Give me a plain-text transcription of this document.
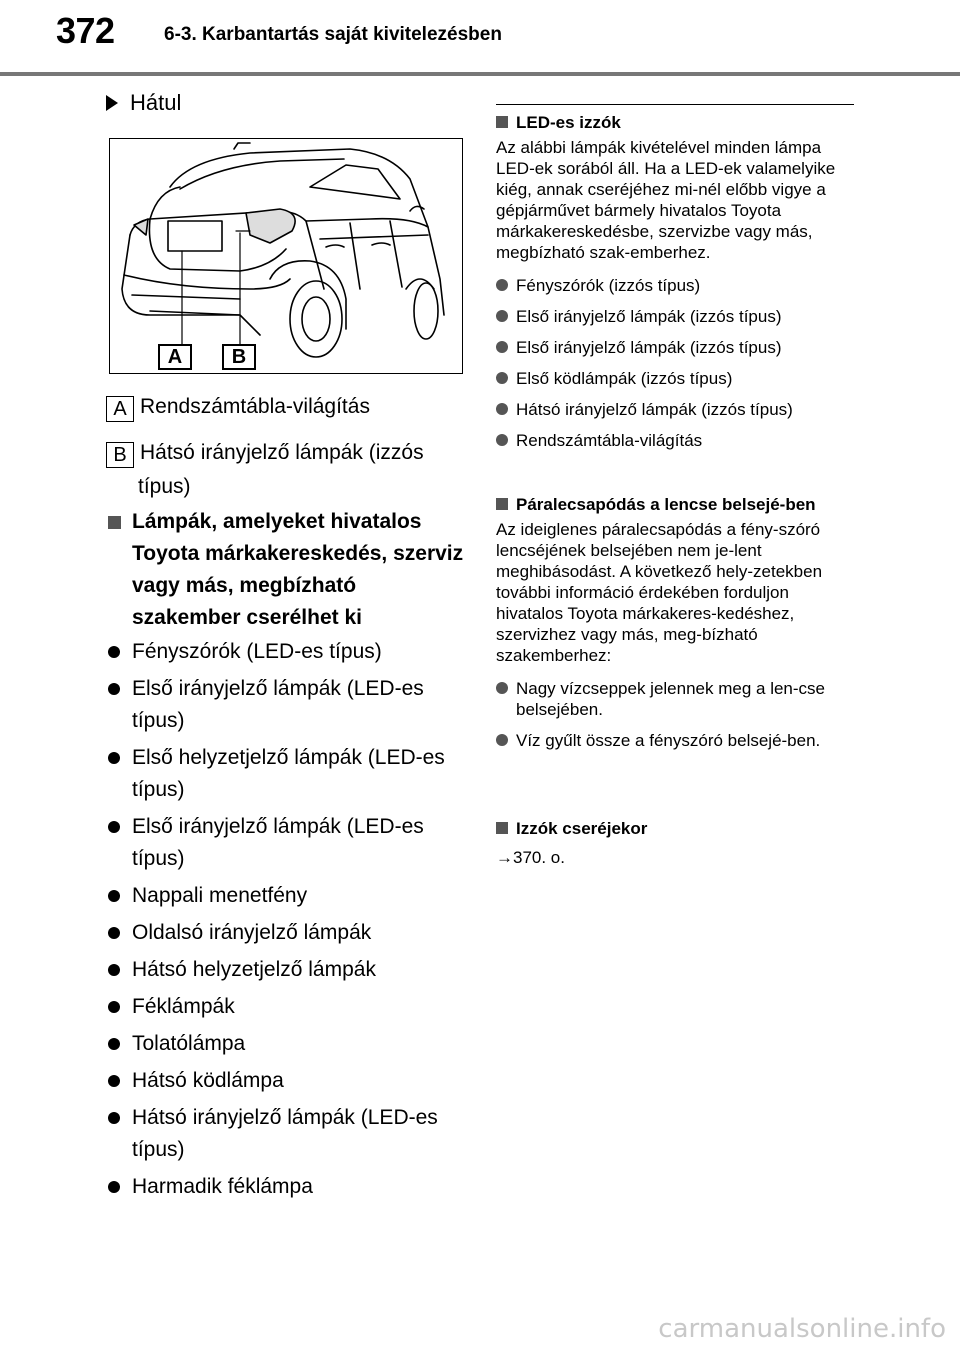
372	6-3. Karbantartás saját kivitelezésben
Hátul
A	B
A Rendszámtábla-világítás
B Hátsó irányjelző lámpák (izzós
típus)
Lámpák, amelyeket hivatalos Toyota márkakereskedés, szerviz vagy más, megbízható szakember cserélhet ki
Fényszórók (LED-es típus)
Első irányjelző lámpák (LED-es típus)
Első helyzetjelző lámpák (LED-es típus)
Első irányjelző lámpák (LED-es típus)
Nappali menetfény
Oldalsó irányjelző lámpák
Hátsó helyzetjelző lámpák
Féklámpák
Tolatólámpa
Hátsó ködlámpa
Hátsó irányjelző lámpák (LED-es típus)
Harmadik féklámpa
LED-es izzók
Az alábbi lámpák kivételével minden lámpa LED-ek sorából áll. Ha a LED-ek valamelyike kiég, annak cseréjéhez mi-nél előbb vigye a gépjárművet bármely hivatalos Toyota márkakereskedésbe, szervizbe vagy más, megbízható szak-emberhez.
Fényszórók (izzós típus)
Első irányjelző lámpák (izzós típus)
Első irányjelző lámpák (izzós típus)
Első ködlámpák (izzós típus)
Hátsó irányjelző lámpák (izzós típus)
Rendszámtábla-világítás
Páralecsapódás a lencse belsejé-ben
Az ideiglenes páralecsapódás a fény-szóró lencséjének belsejében nem je-lent meghibásodást. A következő hely-zetekben további információ érdekében forduljon hivatalos Toyota márkakeres-kedéshez, szervizhez vagy más, meg-bízható szakemberhez:
Nagy vízcseppek jelennek meg a len-cse belsejében.
Víz gyűlt össze a fényszóró belsejé-ben.
Izzók cseréjekor
→370. o.
carmanualsonline.info
